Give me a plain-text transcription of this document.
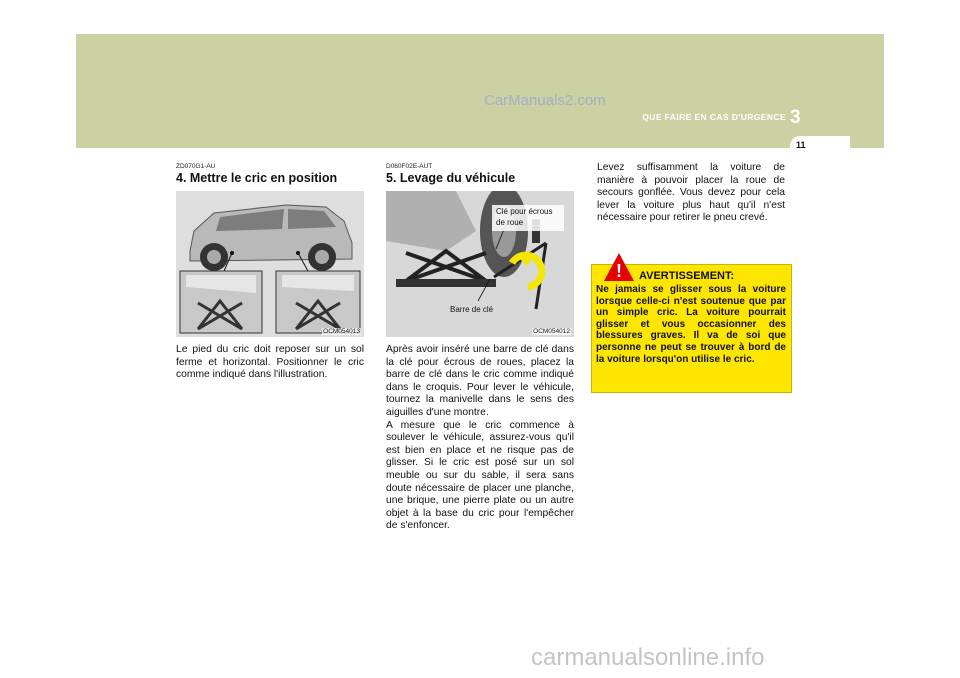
CarManuals2.com
QUE FAIRE EN CAS D'URGENCE 3
11
ZD070G1-AU
4. Mettre le cric en position
OCM054013
Le pied du cric doit reposer sur un sol ferme et horizontal. Positionner le cric comme indiqué dans l'illustration.
D060F02E-AUT
5. Levage du véhicule
Clé pour écrous
de roue
Barre de clé
OCM054012
Après avoir inséré une barre de clé dans la clé pour écrous de roues, placez la barre de clé dans le cric comme indiqué dans le croquis. Pour lever le véhicule, tournez la manivelle dans le sens des aiguilles d'une montre.
A mesure que le cric commence à soulever le véhicule, assurez-vous qu'il est bien en place et ne risque pas de glisser. Si le cric est posé sur un sol meuble ou sur du sable, il sera sans doute nécessaire de placer une planche, une brique, une pierre plate ou un autre objet à la base du cric pour l'empêcher de s'enfoncer.
Levez suffisamment la voiture de manière à pouvoir placer la roue de secours gonflée. Vous devez pour cela lever la voiture plus haut qu'il n'est nécessaire pour retirer le pneu crevé.
AVERTISSEMENT:
Ne jamais se glisser sous la voiture lorsque celle-ci n'est soutenue que par un simple cric. La voiture pourrait glisser et vous occasionner des blessures graves. Il va de soi que personne ne peut se trouver à bord de la voiture lorsqu'on utilise le cric.
!
carmanualsonline.info
